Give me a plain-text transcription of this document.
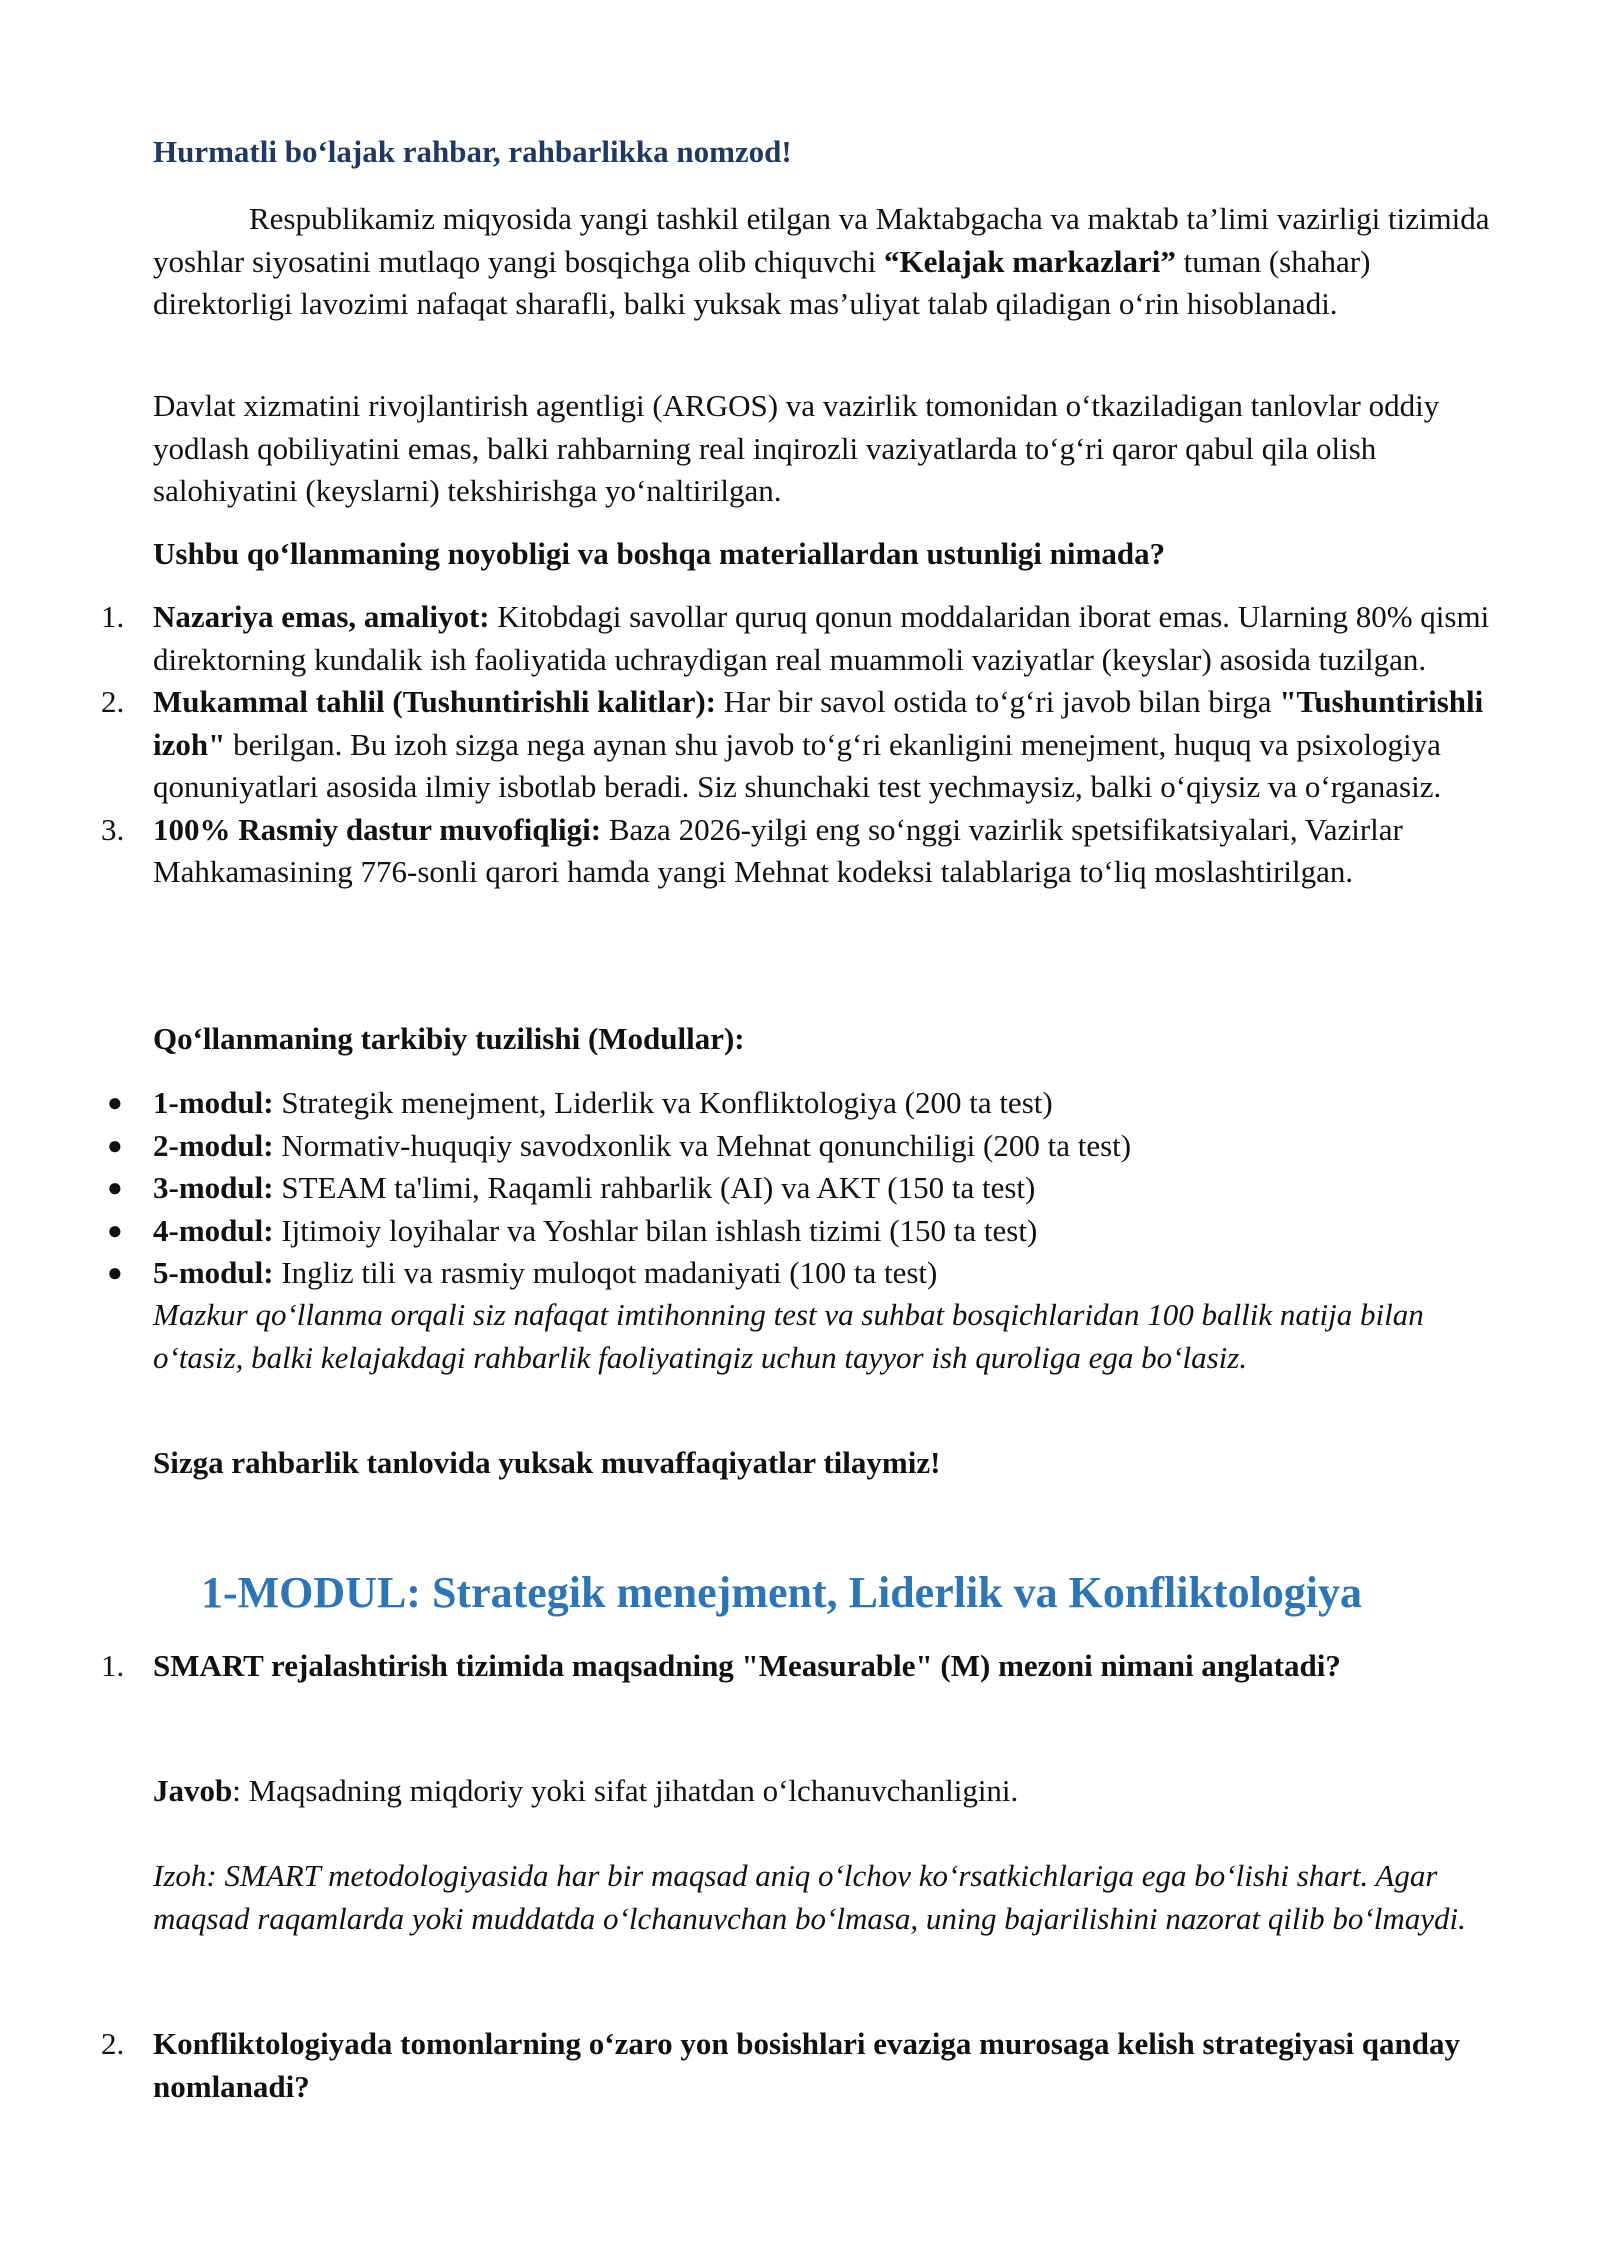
Hurmatli bo‘lajak rahbar, rahbarlikka nomzod!

Respublikamiz miqyosida yangi tashkil etilgan va Maktabgacha va maktab ta’limi vazirligi tizimida yoshlar siyosatini mutlaqo yangi bosqichga olib chiquvchi “Kelajak markazlari” tuman (shahar) direktorligi lavozimi nafaqat sharafli, balki yuksak mas’uliyat talab qiladigan o‘rin hisoblanadi.

Davlat xizmatini rivojlantirish agentligi (ARGOS) va vazirlik tomonidan o‘tkaziladigan tanlovlar oddiy yodlash qobiliyatini emas, balki rahbarning real inqirozli vaziyatlarda to‘g‘ri qaror qabul qila olish salohiyatini (keyslarni) tekshirishga yo‘naltirilgan.

Ushbu qo‘llanmaning noyobligi va boshqa materiallardan ustunligi nimada?
1. Nazariya emas, amaliyot: Kitobdagi savollar quruq qonun moddalaridan iborat emas. Ularning 80% qismi direktorning kundalik ish faoliyatida uchraydigan real muammoli vaziyatlar (keyslar) asosida tuzilgan.
2. Mukammal tahlil (Tushuntirishli kalitlar): Har bir savol ostida to‘g‘ri javob bilan birga "Tushuntirishli izoh" berilgan. Bu izoh sizga nega aynan shu javob to‘g‘ri ekanligini menejment, huquq va psixologiya qonuniyatlari asosida ilmiy isbotlab beradi. Siz shunchaki test yechmaysiz, balki o‘qiysiz va o‘rganasiz.
3. 100% Rasmiy dastur muvofiqligi: Baza 2026-yilgi eng so‘nggi vazirlik spetsifikatsiyalari, Vazirlar Mahkamasining 776-sonli qarori hamda yangi Mehnat kodeksi talablariga to‘liq moslashtirilgan.
Qo‘llanmaning tarkibiy tuzilishi (Modullar):
● 1-modul: Strategik menejment, Liderlik va Konfliktologiya (200 ta test)
● 2-modul: Normativ-huquqiy savodxonlik va Mehnat qonunchiligi (200 ta test)
● 3-modul: STEAM ta'limi, Raqamli rahbarlik (AI) va AKT (150 ta test)
● 4-modul: Ijtimoiy loyihalar va Yoshlar bilan ishlash tizimi (150 ta test)
● 5-modul: Ingliz tili va rasmiy muloqot madaniyati (100 ta test)

Mazkur qo‘llanma orqali siz nafaqat imtihonning test va suhbat bosqichlaridan 100 ballik natija bilan o‘tasiz, balki kelajakdagi rahbarlik faoliyatingiz uchun tayyor ish quroliga ega bo‘lasiz.

Sizga rahbarlik tanlovida yuksak muvaffaqiyatlar tilaymiz!
1-MODUL: Strategik menejment, Liderlik va Konfliktologiya
1. SMART rejalashtirish tizimida maqsadning "Measurable" (M) mezoni nimani anglatadi?
Javob: Maqsadning miqdoriy yoki sifat jihatdan o‘lchanuvchanligini.
Izoh: SMART metodologiyasida har bir maqsad aniq o‘lchov ko‘rsatkichlariga ega bo‘lishi shart. Agar maqsad raqamlarda yoki muddatda o‘lchanuvchan bo‘lmasa, uning bajarilishini nazorat qilib bo‘lmaydi.
2. Konfliktologiyada tomonlarning o‘zaro yon bosishlari evaziga murosaga kelish strategiyasi qanday nomlanadi?
